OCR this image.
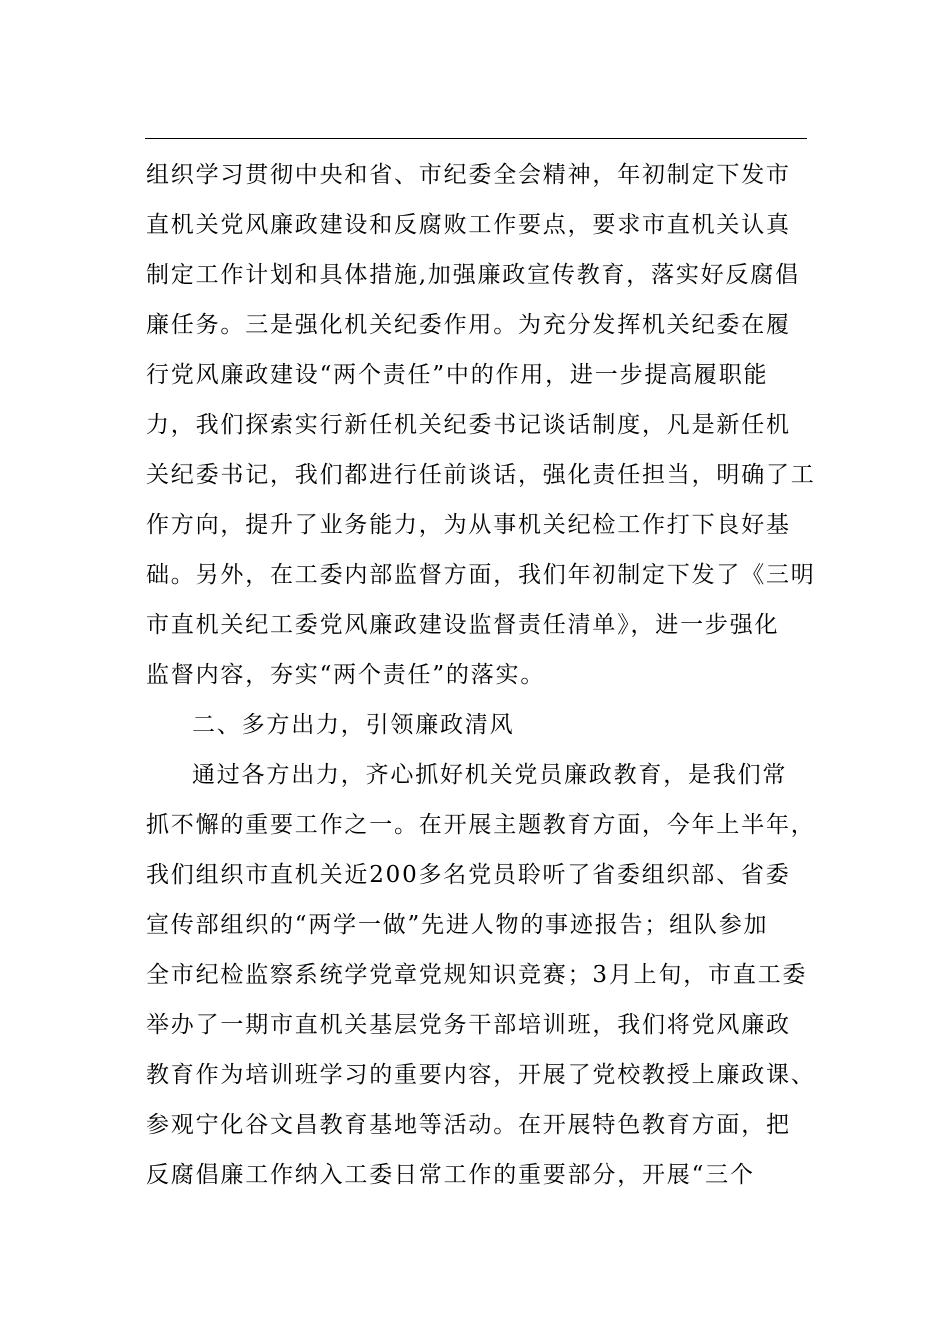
组织学习贯彻中央和省、市纪委全会精神，年初制定下发市
直机关党风廉政建设和反腐败工作要点，要求市直机关认真
制定工作计划和具体措施,加强廉政宣传教育，落实好反腐倡
廉任务。三是强化机关纪委作用。为充分发挥机关纪委在履
行党风廉政建设“两个责任”中的作用，进一步提高履职能
力，我们探索实行新任机关纪委书记谈话制度，凡是新任机
关纪委书记，我们都进行任前谈话，强化责任担当，明确了工
作方向，提升了业务能力，为从事机关纪检工作打下良好基
础。另外，在工委内部监督方面，我们年初制定下发了《三明
市直机关纪工委党风廉政建设监督责任清单》，进一步强化
监督内容，夯实“两个责任”的落实。
二、多方出力，引领廉政清风
通过各方出力，齐心抓好机关党员廉政教育，是我们常
抓不懈的重要工作之一。在开展主题教育方面，今年上半年，
我们组织市直机关近200多名党员聆听了省委组织部、省委
宣传部组织的“两学一做”先进人物的事迹报告；组队参加
全市纪检监察系统学党章党规知识竞赛；3月上旬，市直工委
举办了一期市直机关基层党务干部培训班，我们将党风廉政
教育作为培训班学习的重要内容，开展了党校教授上廉政课、
参观宁化谷文昌教育基地等活动。在开展特色教育方面，把
反腐倡廉工作纳入工委日常工作的重要部分，开展“三个
